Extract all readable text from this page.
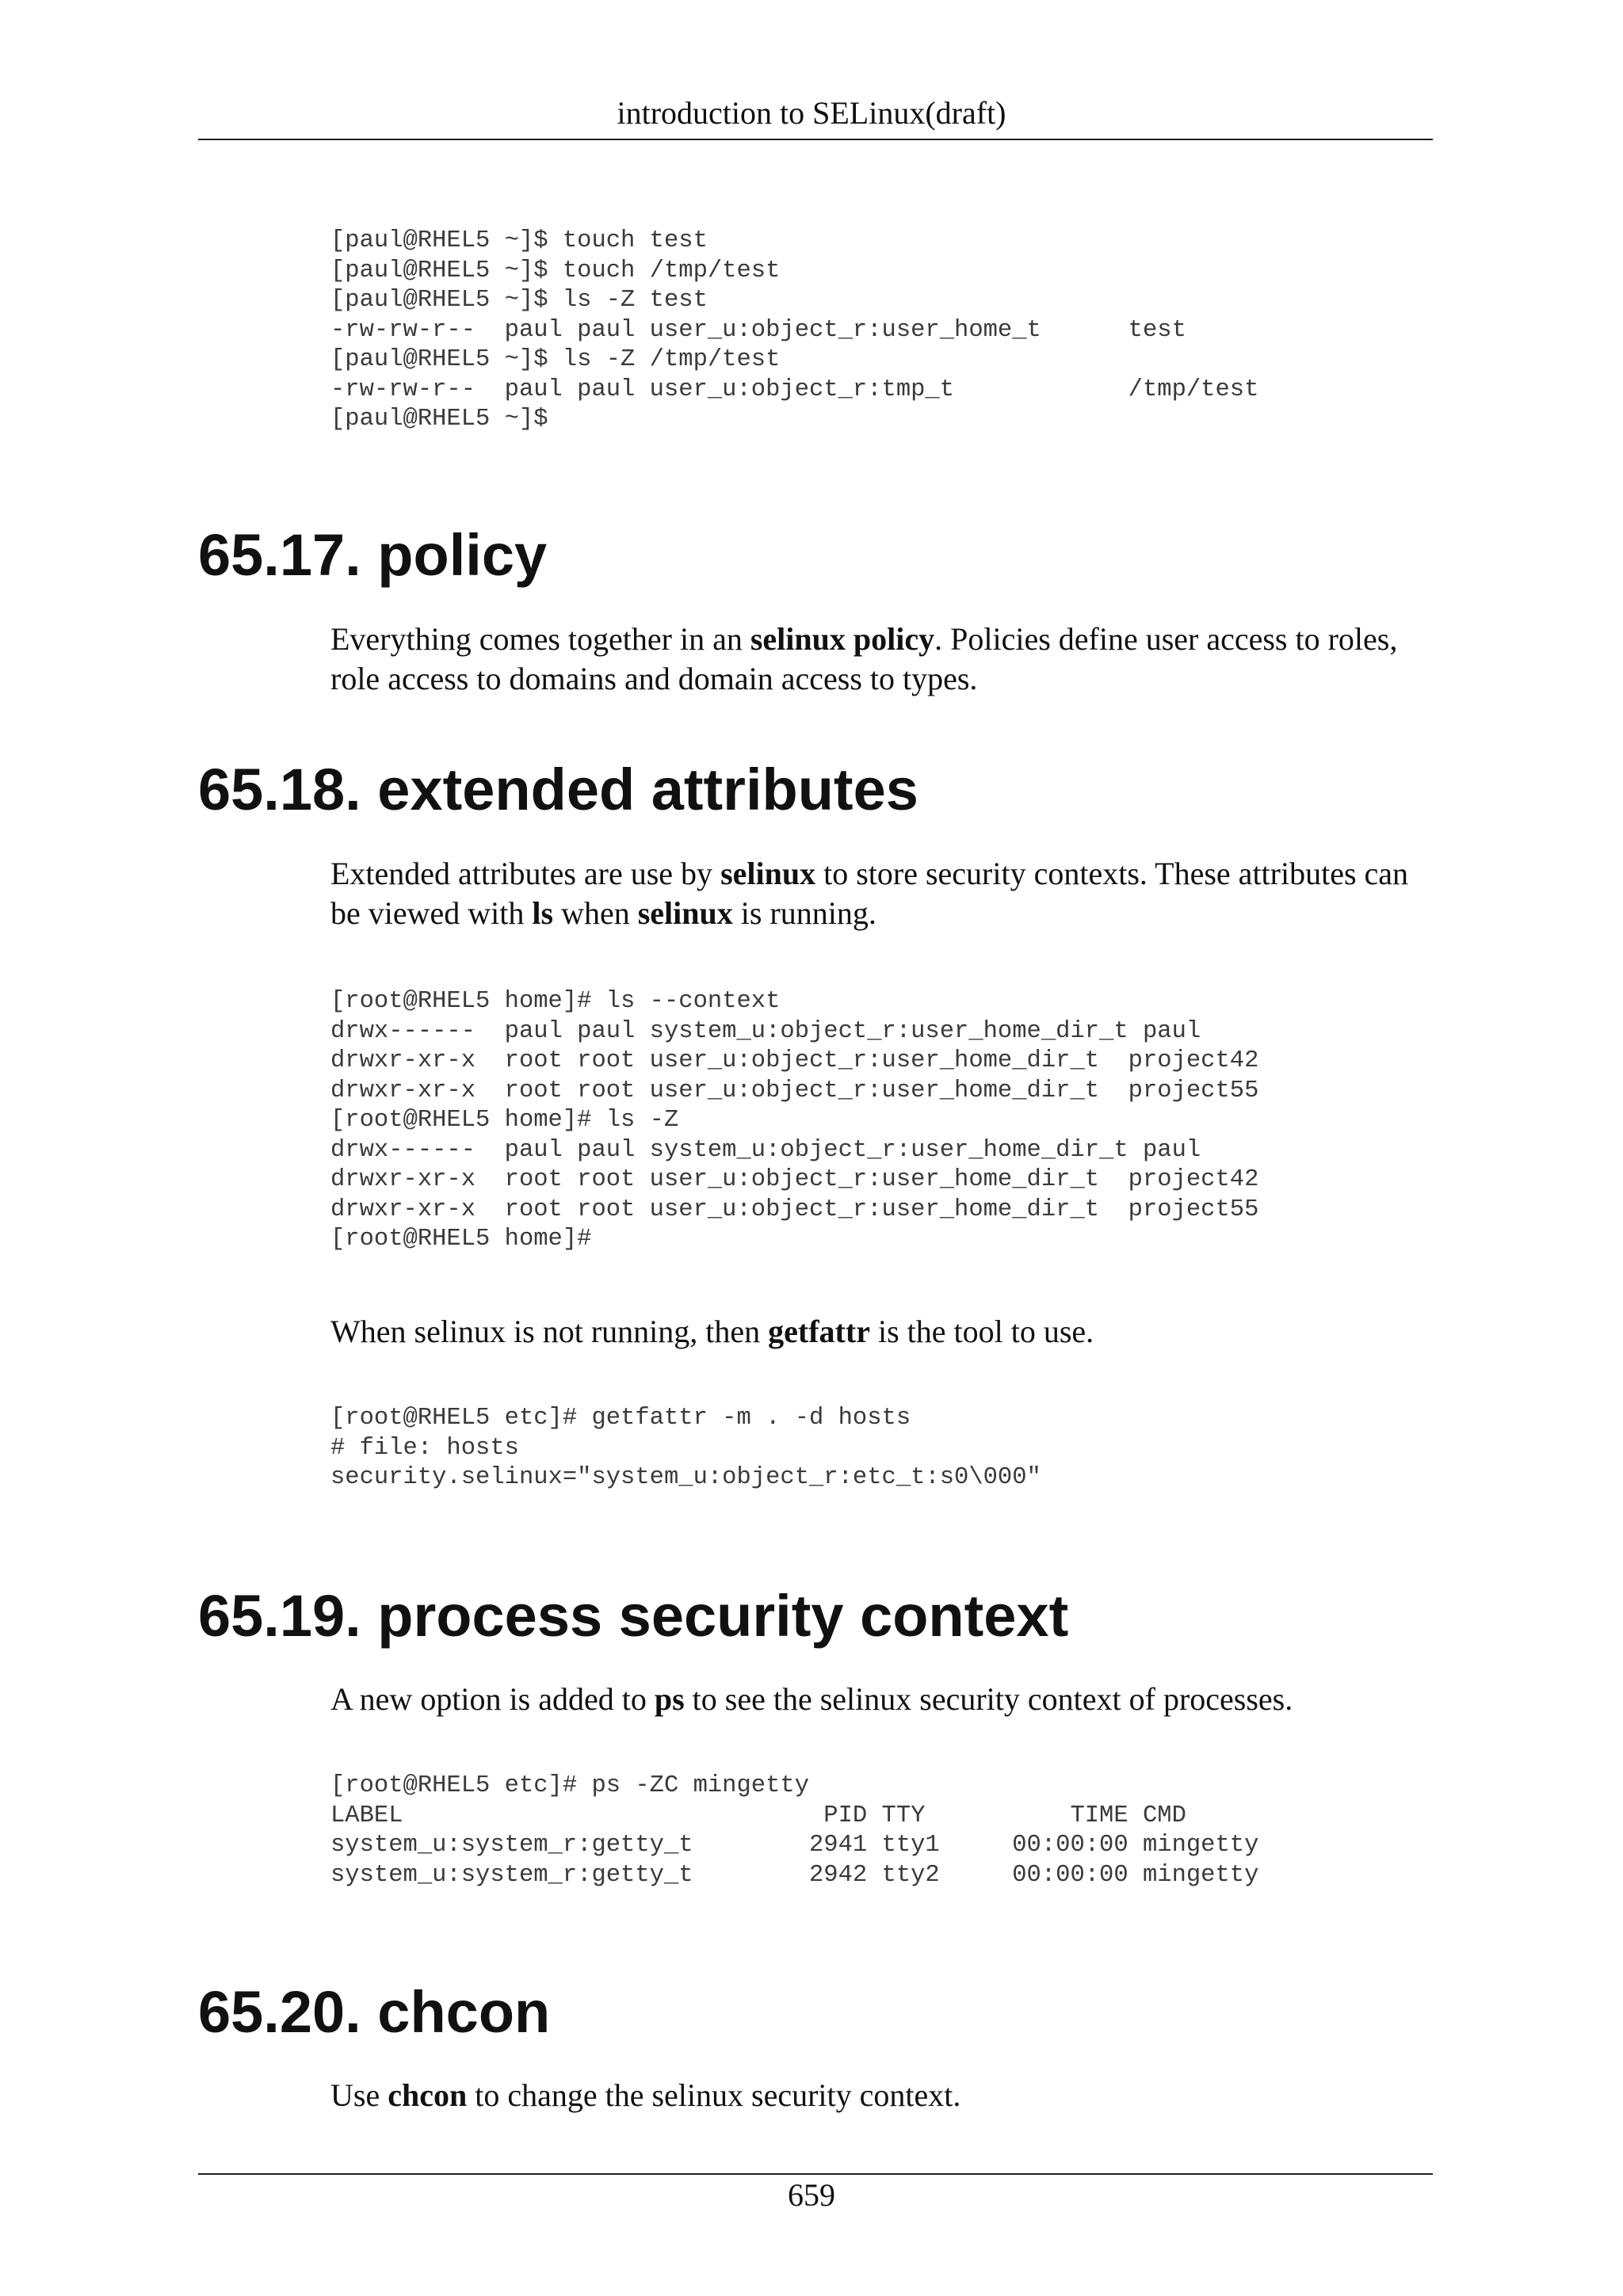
introduction to SELinux(draft)
[paul@RHEL5 ~]$ touch test
[paul@RHEL5 ~]$ touch /tmp/test
[paul@RHEL5 ~]$ ls -Z test
-rw-rw-r--  paul paul user_u:object_r:user_home_t      test
[paul@RHEL5 ~]$ ls -Z /tmp/test
-rw-rw-r--  paul paul user_u:object_r:tmp_t            /tmp/test
[paul@RHEL5 ~]$
65.17. policy

Everything comes together in an selinux policy. Policies define user access to roles, role access to domains and domain access to types.

65.18. extended attributes

Extended attributes are use by selinux to store security contexts. These attributes can be viewed with ls when selinux is running.

[root@RHEL5 home]# ls --context
drwx------  paul paul system_u:object_r:user_home_dir_t paul
drwxr-xr-x  root root user_u:object_r:user_home_dir_t  project42
drwxr-xr-x  root root user_u:object_r:user_home_dir_t  project55
[root@RHEL5 home]# ls -Z
drwx------  paul paul system_u:object_r:user_home_dir_t paul
drwxr-xr-x  root root user_u:object_r:user_home_dir_t  project42
drwxr-xr-x  root root user_u:object_r:user_home_dir_t  project55
[root@RHEL5 home]#

When selinux is not running, then getfattr is the tool to use.

[root@RHEL5 etc]# getfattr -m . -d hosts
# file: hosts
security.selinux="system_u:object_r:etc_t:s0\000"
65.19. process security context

A new option is added to ps to see the selinux security context of processes.

[root@RHEL5 etc]# ps -ZC mingetty
LABEL                             PID TTY          TIME CMD
system_u:system_r:getty_t        2941 tty1     00:00:00 mingetty
system_u:system_r:getty_t        2942 tty2     00:00:00 mingetty
65.20. chcon

Use chcon to change the selinux security context.

659
